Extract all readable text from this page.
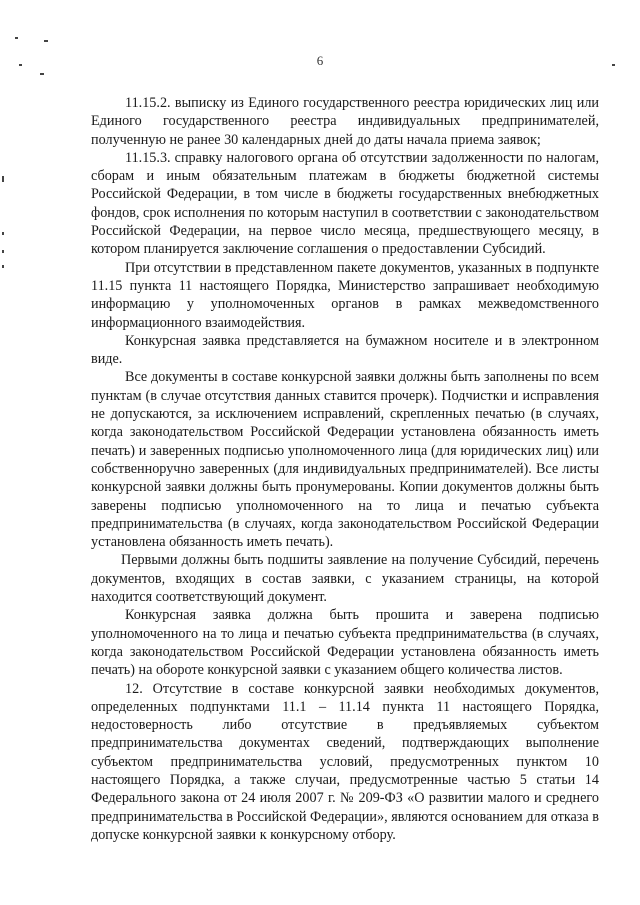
6

11.15.2. выписку из Единого государственного реестра юридических лиц или Единого государственного реестра индивидуальных предпринимателей, полученную не ранее 30 календарных дней до даты начала приема заявок;

11.15.3. справку налогового органа об отсутствии задолженности по налогам, сборам и иным обязательным платежам в бюджеты бюджетной системы Российской Федерации, в том числе в бюджеты государственных внебюджетных фондов, срок исполнения по которым наступил в соответствии с законодательством Российской Федерации, на первое число месяца, предшествующего месяцу, в котором планируется заключение соглашения о предоставлении Субсидий.

При отсутствии в представленном пакете документов, указанных в подпункте 11.15 пункта 11 настоящего Порядка, Министерство запрашивает необходимую информацию у уполномоченных органов в рамках межведомственного информационного взаимодействия.

Конкурсная заявка представляется на бумажном носителе и в электронном виде.

Все документы в составе конкурсной заявки должны быть заполнены по всем пунктам (в случае отсутствия данных ставится прочерк). Подчистки и исправления не допускаются, за исключением исправлений, скрепленных печатью (в случаях, когда законодательством Российской Федерации установлена обязанность иметь печать) и заверенных подписью уполномоченного лица (для юридических лиц) или собственноручно заверенных (для индивидуальных предпринимателей). Все листы конкурсной заявки должны быть пронумерованы. Копии документов должны быть заверены подписью уполномоченного на то лица и печатью субъекта предпринимательства (в случаях, когда законодательством Российской Федерации установлена обязанность иметь печать).

Первыми должны быть подшиты заявление на получение Субсидий, перечень документов, входящих в состав заявки, с указанием страницы, на которой находится соответствующий документ.

Конкурсная заявка должна быть прошита и заверена подписью уполномоченного на то лица и печатью субъекта предпринимательства (в случаях, когда законодательством Российской Федерации установлена обязанность иметь печать) на обороте конкурсной заявки с указанием общего количества листов.

12. Отсутствие в составе конкурсной заявки необходимых документов, определенных подпунктами 11.1 – 11.14 пункта 11 настоящего Порядка, недостоверность либо отсутствие в предъявляемых субъектом предпринимательства документах сведений, подтверждающих выполнение субъектом предпринимательства условий, предусмотренных пунктом 10 настоящего Порядка, а также случаи, предусмотренные частью 5 статьи 14 Федерального закона от 24 июля 2007 г. № 209-ФЗ «О развитии малого и среднего предпринимательства в Российской Федерации», являются основанием для отказа в допуске конкурсной заявки к конкурсному отбору.
